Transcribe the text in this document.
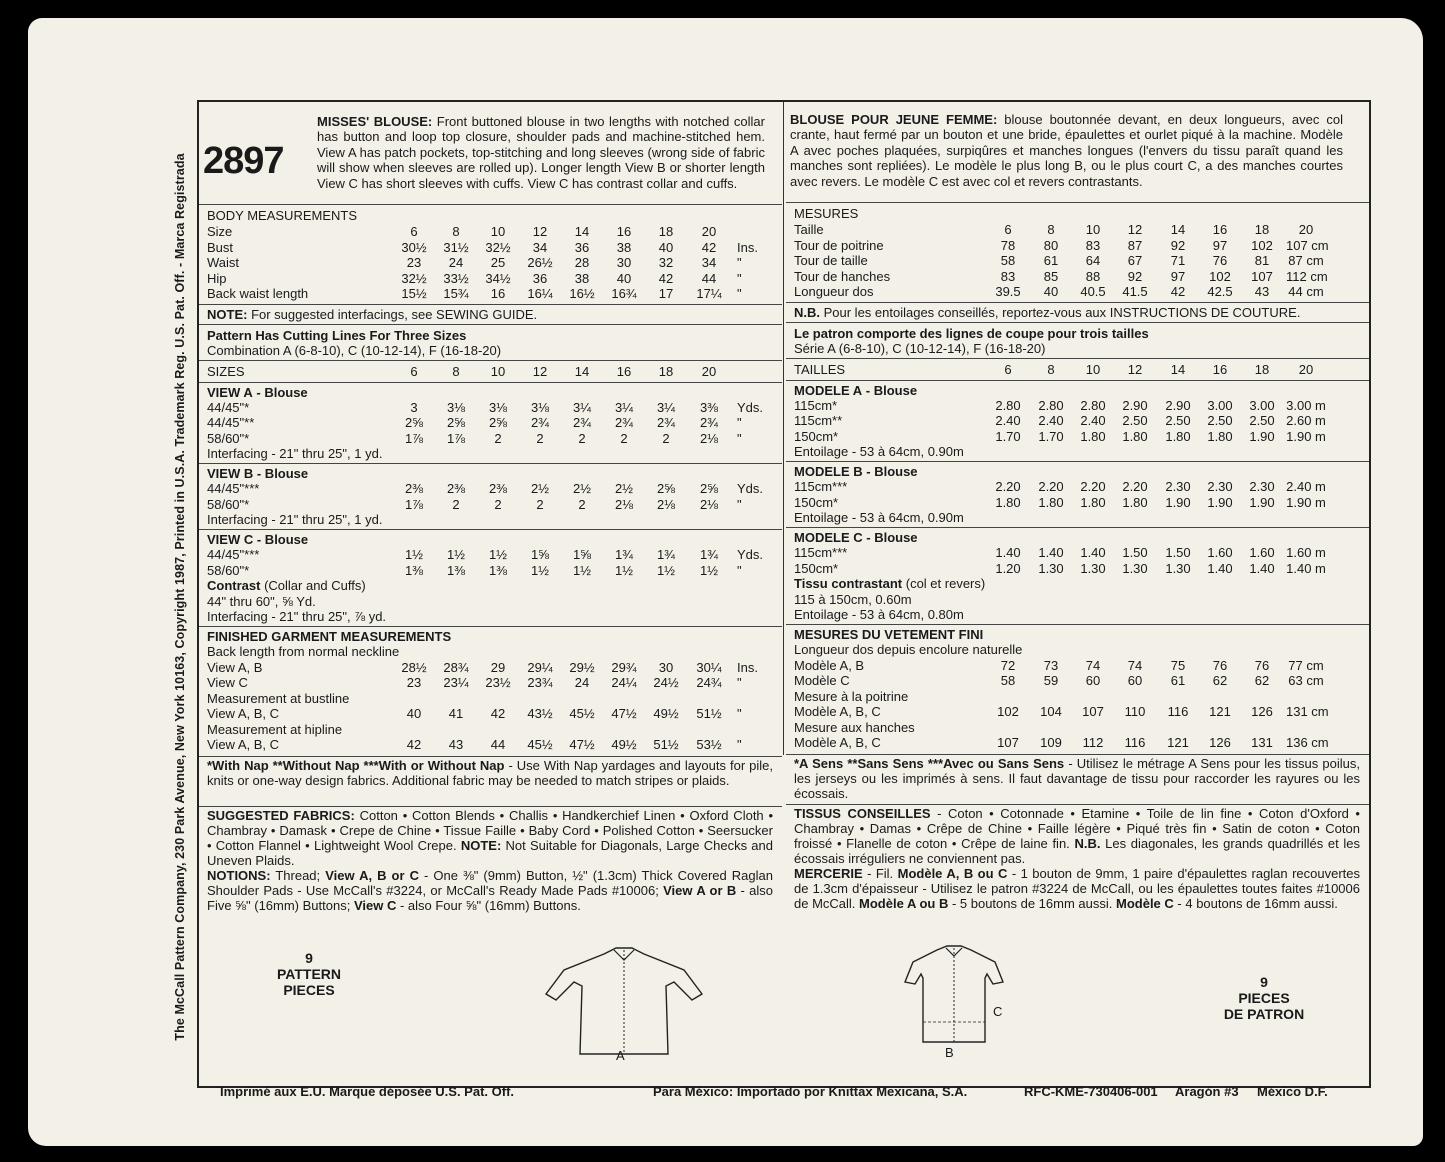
The McCall Pattern Company, 230 Park Avenue, New York 10163, Copyright 1987, Printed in U.S.A. Trademark Reg. U.S. Pat. Off. - Marca Registrada 2897
MISSES' BLOUSE: Front buttoned blouse in two lengths with notched collar has button and loop top closure, shoulder pads and machine-stitched hem. View A has patch pockets, top-stitching and long sleeves (wrong side of fabric will show when sleeves are rolled up). Longer length View B or shorter length View C has short sleeves with cuffs. View C has contrast collar and cuffs.
BODY MEASUREMENTS
Size	6	8	10	12	14	16	18	20
Bust	30½	31½	32½	34	36	38	40	42	Ins.
Waist	23	24	25	26½	28	30	32	34	"
Hip	32½	33½	34½	36	38	40	42	44	"
Back waist length	15½	15¾	16	16¼	16½	16¾	17	17¼	"
NOTE: For suggested interfacings, see SEWING GUIDE.
Pattern Has Cutting Lines For Three Sizes
Combination A (6-8-10), C (10-12-14), F (16-18-20)
SIZES	6	8	10	12	14	16	18	20
VIEW A - Blouse
44/45"*	3	3⅛	3⅛	3⅛	3¼	3¼	3¼	3⅜	Yds.
44/45"**	2⅝	2⅝	2⅝	2¾	2¾	2¾	2¾	2¾	"
58/60"*	1⅞	1⅞	2	2	2	2	2	2⅛	"
Interfacing - 21" thru 25", 1 yd.
VIEW B - Blouse
44/45"***	2⅜	2⅜	2⅜	2½	2½	2½	2⅝	2⅝	Yds.
58/60"*	1⅞	2	2	2	2	2⅛	2⅛	2⅛	"
Interfacing - 21" thru 25", 1 yd.
VIEW C - Blouse
44/45"***	1½	1½	1½	1⅝	1⅝	1¾	1¾	1¾	Yds.
58/60"*	1⅜	1⅜	1⅜	1½	1½	1½	1½	1½	"
Contrast (Collar and Cuffs)
44" thru 60", ⅝ Yd.
Interfacing - 21" thru 25", ⅞ yd.
FINISHED GARMENT MEASUREMENTS
Back length from normal neckline
View A, B	28½	28¾	29	29¼	29½	29¾	30	30¼	Ins.
View C	23	23¼	23½	23¾	24	24¼	24½	24¾	"
Measurement at bustline
View A, B, C	40	41	42	43½	45½	47½	49½	51½	"
Measurement at hipline
View A, B, C	42	43	44	45½	47½	49½	51½	53½	"
*With Nap **Without Nap ***With or Without Nap - Use With Nap yardages and layouts for pile, knits or one-way design fabrics. Additional fabric may be needed to match stripes or plaids.
SUGGESTED FABRICS: Cotton • Cotton Blends • Challis • Handkerchief Linen • Oxford Cloth • Chambray • Damask • Crepe de Chine • Tissue Faille • Baby Cord • Polished Cotton • Seersucker • Cotton Flannel • Lightweight Wool Crepe. NOTE: Not Suitable for Diagonals, Large Checks and Uneven Plaids.
NOTIONS: Thread; View A, B or C - One ⅜" (9mm) Button, ½" (1.3cm) Thick Covered Raglan Shoulder Pads - Use McCall's #3224, or McCall's Ready Made Pads #10006; View A or B - also Five ⅝" (16mm) Buttons; View C - also Four ⅝" (16mm) Buttons.
BLOUSE POUR JEUNE FEMME: blouse boutonnée devant, en deux longueurs, avec col crante, haut fermé par un bouton et une bride, épaulettes et ourlet piqué à la machine. Modèle A avec poches plaquées, surpiqûres et manches longues (l'envers du tissu paraît quand les manches sont repliées). Le modèle le plus long B, ou le plus court C, a des manches courtes avec revers. Le modèle C est avec col et revers contrastants.
MESURES
Taille	6	8	10	12	14	16	18	20
Tour de poitrine	78	80	83	87	92	97	102	107 cm
Tour de taille	58	61	64	67	71	76	81	87 cm
Tour de hanches	83	85	88	92	97	102	107	112 cm
Longueur dos	39.5	40	40.5	41.5	42	42.5	43	44 cm
N.B. Pour les entoilages conseillés, reportez-vous aux INSTRUCTIONS DE COUTURE.
Le patron comporte des lignes de coupe pour trois tailles
Série A (6-8-10), C (10-12-14), F (16-18-20)
TAILLES	6	8	10	12	14	16	18	20
MODELE A - Blouse
115cm*	2.80	2.80	2.80	2.90	2.90	3.00	3.00 3.00 m
115cm**	2.40	2.40	2.40	2.50	2.50	2.50	2.50 2.60 m
150cm*	1.70	1.70	1.80	1.80	1.80	1.80	1.90 1.90 m
Entoilage - 53 à 64cm, 0.90m
MODELE B - Blouse
115cm***	2.20	2.20	2.20	2.20	2.30	2.30	2.30 2.40 m
150cm*	1.80	1.80	1.80	1.80	1.90	1.90	1.90 1.90 m
Entoilage - 53 à 64cm, 0.90m
MODELE C - Blouse
115cm***	1.40	1.40	1.40	1.50	1.50	1.60	1.60 1.60 m
150cm*	1.20	1.30	1.30	1.30	1.30	1.40	1.40 1.40 m
Tissu contrastant (col et revers)
115 à 150cm, 0.60m
Entoilage - 53 à 64cm, 0.80m
MESURES DU VETEMENT FINI
Longueur dos depuis encolure naturelle
Modèle A, B	72	73	74	74	75	76	76	77 cm
Modèle C	58	59	60	60	61	62	62	63 cm
Mesure à la poitrine
Modèle A, B, C	102	104	107	110	116	121	126	131 cm
Mesure aux hanches
Modèle A, B, C	107	109	112	116	121	126	131	136 cm
*A Sens **Sans Sens ***Avec ou Sans Sens - Utilisez le métrage A Sens pour les tissus poilus, les jerseys ou les imprimés à sens. Il faut davantage de tissu pour raccorder les rayures ou les écossais.
TISSUS CONSEILLES - Coton • Cotonnade • Etamine • Toile de lin fine • Coton d'Oxford • Chambray • Damas • Crêpe de Chine • Faille légère • Piqué très fin • Satin de coton • Coton froissé • Flanelle de coton • Crêpe de laine fin. N.B. Les diagonales, les grands quadrillés et les écossais irréguliers ne conviennent pas.
MERCERIE - Fil. Modèle A, B ou C - 1 bouton de 9mm, 1 paire d'épaulettes raglan recouvertes de 1.3cm d'épaisseur - Utilisez le patron #3224 de McCall, ou les épaulettes toutes faites #10006 de McCall. Modèle A ou B - 5 boutons de 16mm aussi. Modèle C - 4 boutons de 16mm aussi.
A	B
C
9
PATTERN
PIECES	9
PIECES
DE PATRON
Imprimé aux E.U. Marque déposée U.S. Pat. Off.	Para México: Importado por Knittax Mexicana, S.A.	RFC-KME-730406-001 Aragón #3 México D.F.
